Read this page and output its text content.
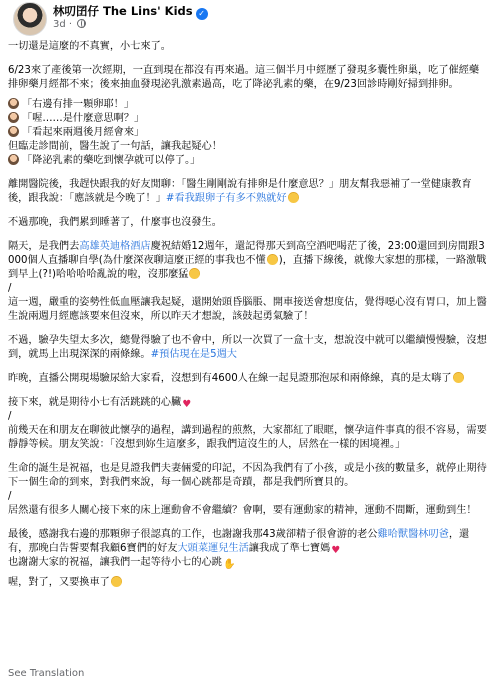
林叨囝仔 The Lins' Kids ✓
3d ·

一切還是這麼的不真實，小七來了。

6/23來了產後第一次經期，一直到現在都沒有再來過。這三個半月中經歷了發現多囊性卵巢，吃了催經藥排卵藥月經都不來；後來抽血發現泌乳激素過高，吃了降泌乳素的藥，在9/23回診時剛好掃到排卵。

「右邊有排一顆卵耶！」

「喔……是什麼意思啊？」

「看起來兩週後月經會來」

但臨走診間前，醫生說了一句話，讓我起疑心！

「降泌乳素的藥吃到懷孕就可以停了。」

離開醫院後，我趕快跟我的好友閒聊：「醫生剛剛說有排卵是什麼意思？」朋友幫我惡補了一堂健康教育後，跟我說：「應該就是今晚了！」#看我跟卵子有多不熟就好

不過那晚，我們累到睡著了，什麼事也沒發生。

隔天，是我們去高雄英迪格酒店慶祝結婚12週年，還記得那天到高空酒吧喝茫了後，23:00還回到房間跟3000個人直播聊自學(為什麼深夜聊這麼正經的事我也不懂 )，直播下線後，就像大家想的那樣，一路激戰到早上(?!)哈哈哈哈亂說的啦，沒那麼猛

/

這一週，嚴重的姿勢性低血壓讓我起疑，還開始頭昏腦脹、開車接送會想度估，覺得噁心沒有胃口，加上醫生說兩週月經應該要來但沒來，所以昨天才想說，該鼓起勇氣驗了！

不過，驗孕失望太多次，總覺得驗了也不會中，所以一次買了一盒十支，想說沒中就可以繼續慢慢驗，沒想到，就馬上出現深深的兩條線。#預估現在是5週大

昨晚，直播公開現場驗尿給大家看，沒想到有4600人在線一起見證那泡尿和兩條線，真的是太嗨了

接下來，就是期待小七有活跳跳的心臟♥

/

前幾天在和朋友在聊彼此懷孕的過程，講到過程的煎熬，大家都紅了眼眶，懷孕這件事真的很不容易，需要靜靜等候。朋友笑說：「沒想到妳生這麼多，跟我們這沒生的人，居然在一樣的困境裡。」

生命的誕生是祝福，也是見證我們夫妻倆愛的印記，不因為我們有了小孩，或是小孩的數量多，就停止期待下一個生命的到來，對我們來說，每一個心跳都是奇蹟，都是我們所寶貝的。

/

居然還有很多人關心接下來的床上運動會不會繼續？會啊，要有運動家的精神，運動不間斷，運動到生！

最後，感謝我右邊的那顆卵子很認真的工作，也謝謝我那43歲卻精子很會游的老公雞哈獸醫林叨爸，還有，那晚白告誓要幫我顧6寶們的好友大頭菜運兒生活讓我成了準七寶媽♥

也謝謝大家的祝福，讓我們一起等待小七的心跳✋

喔，對了，又要換車了

See Translation
